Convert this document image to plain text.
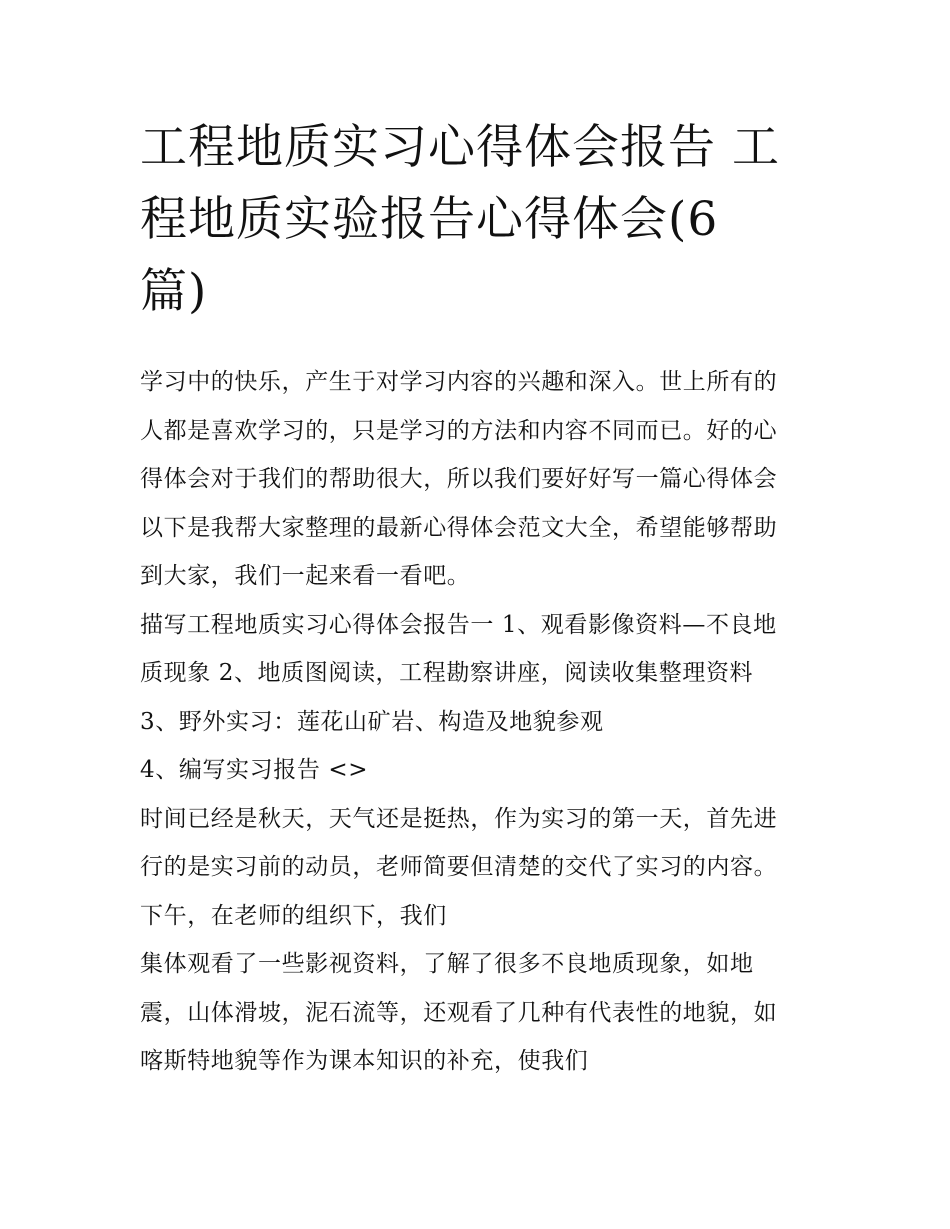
工程地质实习心得体会报告 工
程地质实验报告心得体会(6
篇)

学习中的快乐，产生于对学习内容的兴趣和深入。世上所有的

人都是喜欢学习的，只是学习的方法和内容不同而已。好的心

得体会对于我们的帮助很大，所以我们要好好写一篇心得体会

以下是我帮大家整理的最新心得体会范文大全，希望能够帮助

到大家，我们一起来看一看吧。

描写工程地质实习心得体会报告一 1、观看影像资料—不良地

质现象 2、地质图阅读，工程勘察讲座，阅读收集整理资料

3、野外实习：莲花山矿岩、构造及地貌参观

4、编写实习报告 <>

时间已经是秋天，天气还是挺热，作为实习的第一天，首先进

行的是实习前的动员，老师简要但清楚的交代了实习的内容。

下午，在老师的组织下，我们

集体观看了一些影视资料，了解了很多不良地质现象，如地

震，山体滑坡，泥石流等，还观看了几种有代表性的地貌，如

喀斯特地貌等作为课本知识的补充，使我们
